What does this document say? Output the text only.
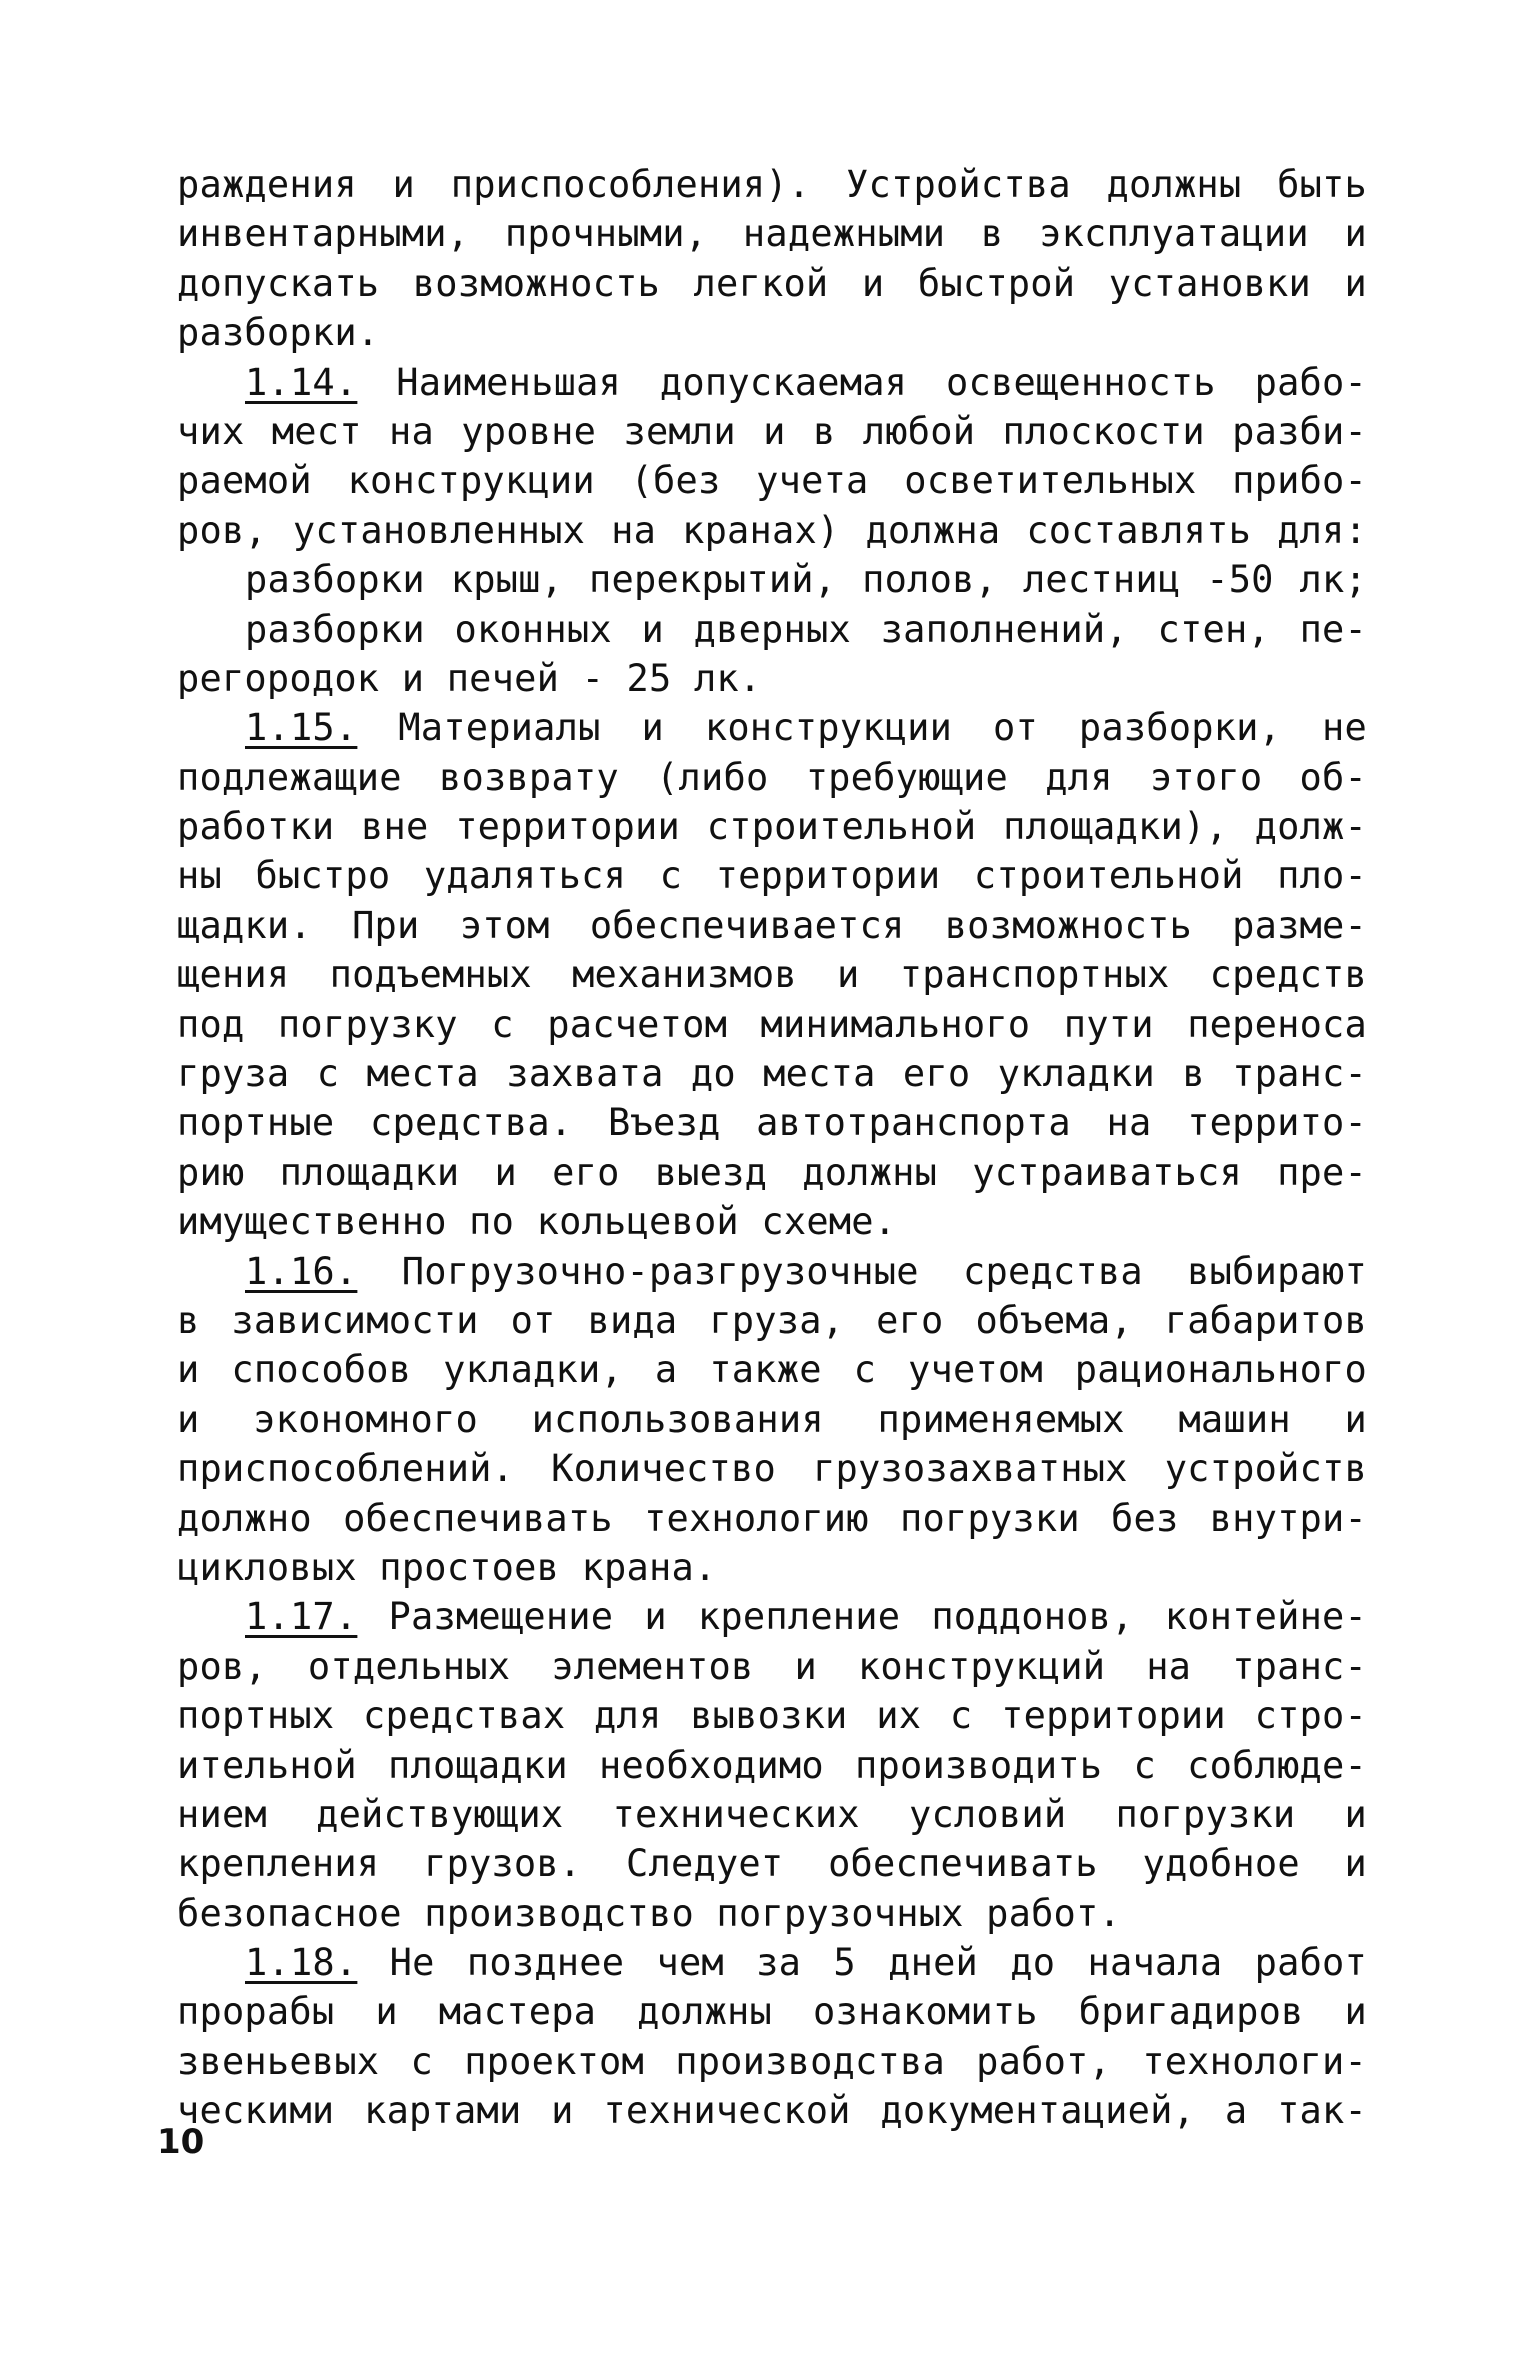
раждения и приспособления). Устройства должны быть
инвентарными, прочными, надежными в эксплуатации и
допускать возможность легкой и быстрой установки и
разборки.
1.14. Наименьшая допускаемая освещенность рабо-
чих мест на уровне земли и в любой плоскости разби-
раемой конструкции (без учета осветительных прибо-
ров, установленных на кранах) должна составлять для:
разборки крыш, перекрытий, полов, лестниц -50 лк;
разборки оконных и дверных заполнений, стен, пе-
регородок и печей - 25 лк.
1.15. Материалы и конструкции от разборки, не
подлежащие возврату (либо требующие для этого об-
работки вне территории строительной площадки), долж-
ны быстро удаляться с территории строительной пло-
щадки. При этом обеспечивается возможность разме-
щения подъемных механизмов и транспортных средств
под погрузку с расчетом минимального пути переноса
груза с места захвата до места его укладки в транс-
портные средства. Въезд автотранспорта на террито-
рию площадки и его выезд должны устраиваться пре-
имущественно по кольцевой схеме.
1.16. Погрузочно-разгрузочные средства выбирают
в зависимости от вида груза, его объема, габаритов
и способов укладки, а также с учетом рационального
и экономного использования применяемых машин и
приспособлений. Количество грузозахватных устройств
должно обеспечивать технологию погрузки без внутри-
цикловых простоев крана.
1.17. Размещение и крепление поддонов, контейне-
ров, отдельных элементов и конструкций на транс-
портных средствах для вывозки их с территории стро-
ительной площадки необходимо производить с соблюде-
нием действующих технических условий погрузки и
крепления грузов. Следует обеспечивать удобное и
безопасное производство погрузочных работ.
1.18. Не позднее чем за 5 дней до начала работ
прорабы и мастера должны ознакомить бригадиров и
звеньевых с проектом производства работ, технологи-
ческими картами и технической документацией, а так-
10
